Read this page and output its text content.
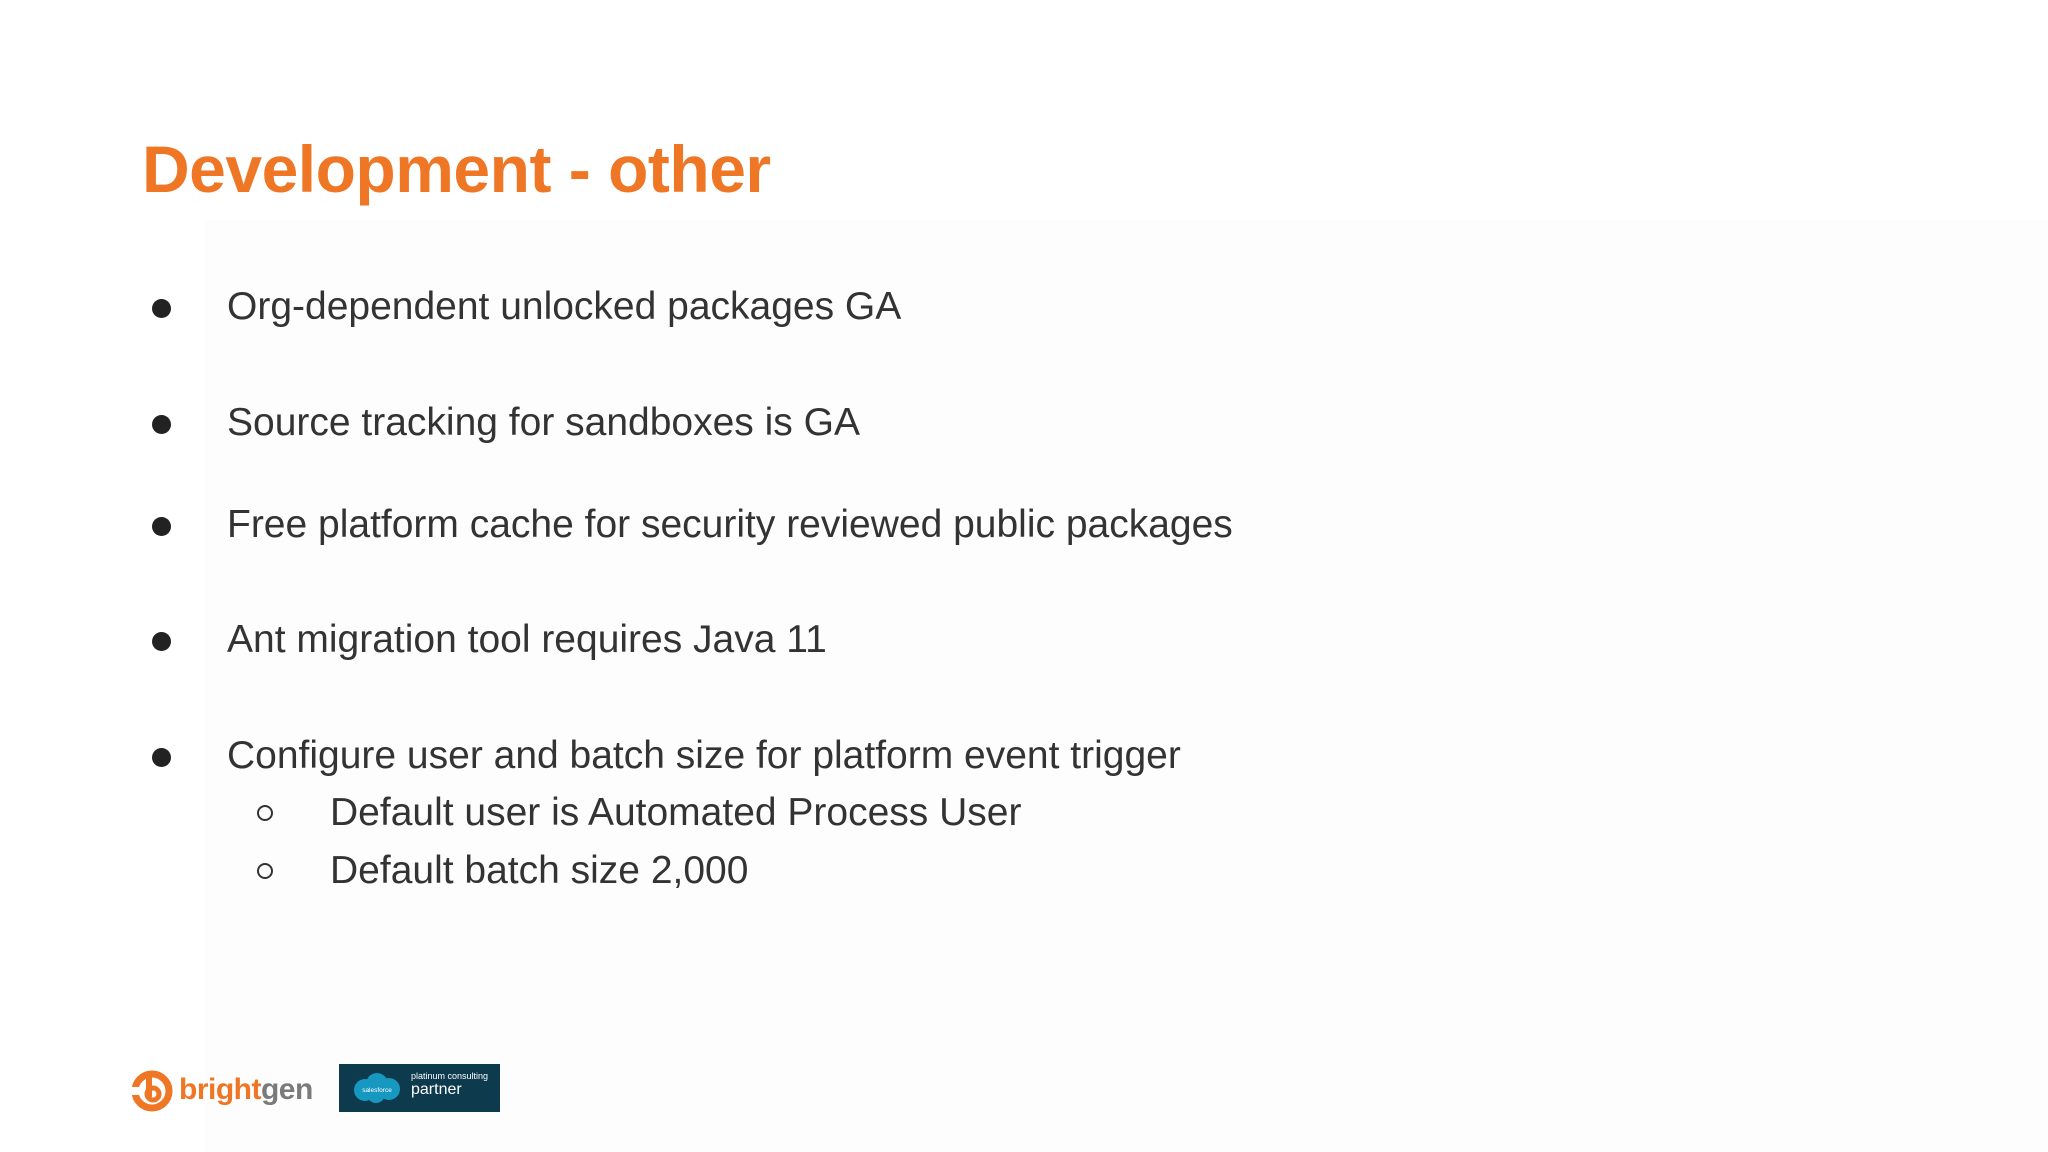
Development - other
Org-dependent unlocked packages GA
Source tracking for sandboxes is GA
Free platform cache for security reviewed public packages
Ant migration tool requires Java 11
Configure user and batch size for platform event trigger
Default user is Automated Process User
Default batch size 2,000
brightgen	salesforce
platinum consulting
partner
